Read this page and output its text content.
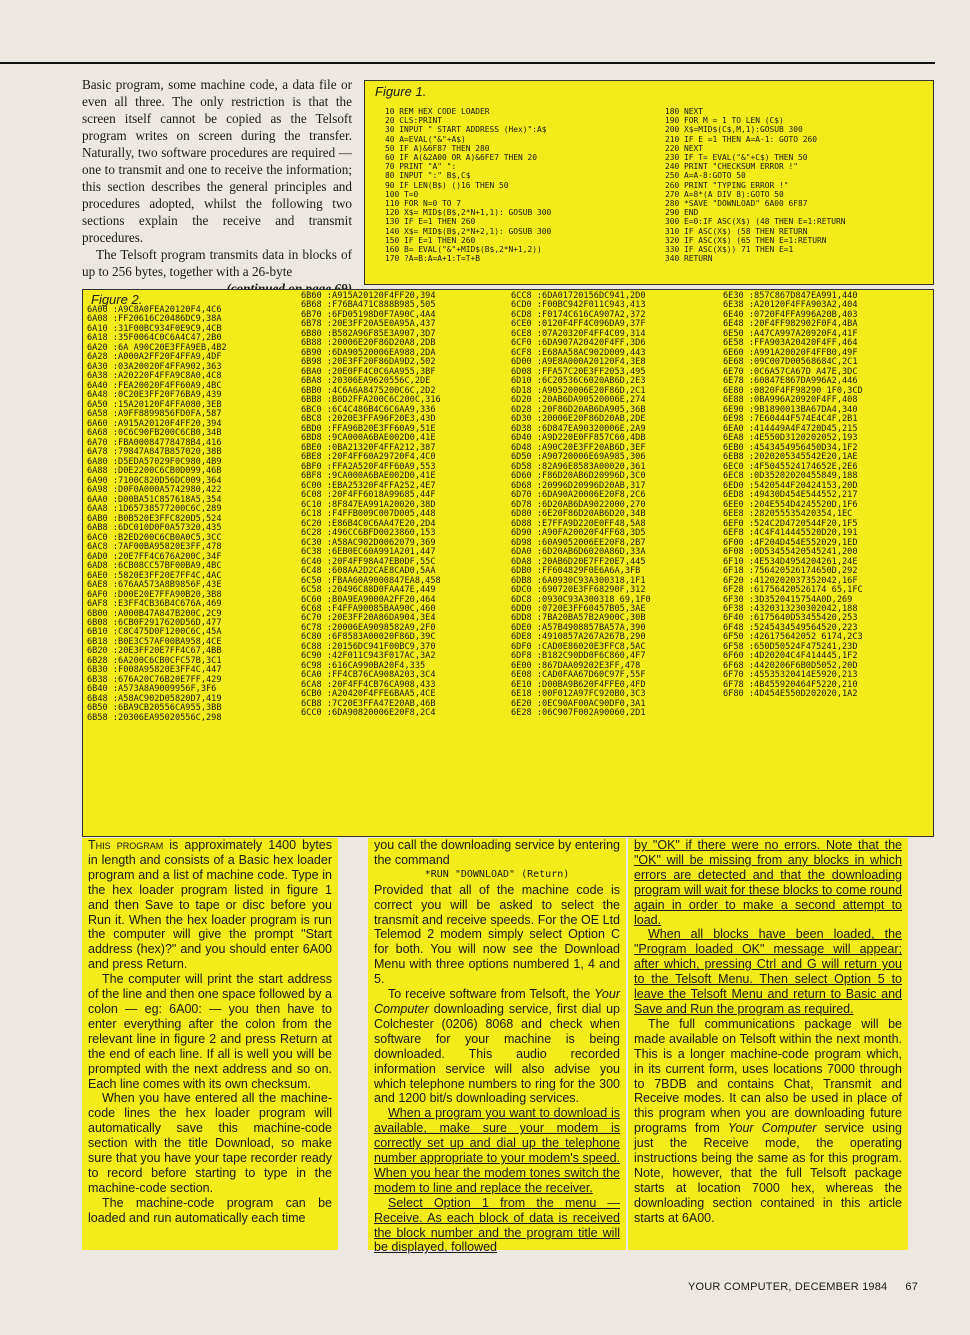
Basic program, some machine code, a data file or even all three. The only restriction is that the screen itself cannot be copied as the Telsoft program writes on screen during the transfer. Naturally, two software procedures are required — one to transmit and one to receive the information; this section describes the general principles and procedures adopted, whilst the following two sections explain the receive and transmit procedures.

The Telsoft program transmits data in blocks of up to 256 bytes, together with a 26-byte

Figure 1.
10 REM HEX CODE LOADER
20 CLS:PRINT
30 INPUT " START ADDRESS (Hex)":A$
40 A=EVAL("&"+A$)
50 IF A)&6F87 THEN 280
60 IF A(&2A00 OR A)&6FE7 THEN 20
70 PRINT "A" ":
80 INPUT ":" B$,C$
90 IF LEN(B$) ()16 THEN 50
100 T=0
110 FOR N=0 TO 7
120 X$= MID$(B$,2*N+1,1): GOSUB 300
130 IF E=1 THEN 260
140 X$= MID$(B$,2*N+2,1): GOSUB 300
150 IF E=1 THEN 260
160 B= EVAL("&"+MID$(B$,2*N+1,2))
170 ?A=B:A=A+1:T=T+B
180 NEXT
190 FOR M = 1 TO LEN (C$)
200 X$=MID$(C$,M,1):GOSUB 300
210 IF E =1 THEN A=A-1: GOTO 260
220 NEXT
230 IF T= EVAL("&"+C$) THEN 50
240 PRINT "CHECKSUM ERROR !"
250 A=A-8:GOTO 50
260 PRINT "TYPING ERROR !"
270 A=8*(A DIV 8):GOTO 50
280 *SAVE "DOWNLOAD" 6A00 6F87
290 END
300 E=0:IF ASC(X$) (48 THEN E=1:RETURN
310 IF ASC(X$) (58 THEN RETURN
320 IF ASC(X$) (65 THEN E=1:RETURN
330 IF ASC(X$)) 71 THEN E=1
340 RETURN
Figure 2.
6A00 :A9C8A0FEA20120F4,4C6
6A08 :FF20616C20486DC9,38A
6A10 :31F00BC934F0E9C9,4CB
6A18 :35F0064C0C6A4C47,2B0
6A20 :6A A90C20E3FFA9EB,4B2
6A28 :A000A2FF20F4FFA9,4DF
6A30 :03A20020F4FFA902,363
6A38 :A20220F4FFA9C8A0,4C8
6A40 :FEA20020F4FF60A9,4BC
6A48 :0C20E3FF20F76BA9,439
6A50 :15A20120F4FFA080,3EB
6A58 :A9FF8899856FD0FA,587
6A60 :A915A20120F4FF20,394
6A68 :0C6C90FB200C6CB0,34B
6A70 :FBA00084778478B4,416
6A78 :79847A847B857020,38B
6A80 :D5EDA57029F0C980,4B9
6A88 :D0E2200C6CB0D099,46B
6A90 :7100C820D56DC009,364
6A98 :D0F0A000A5742980,422
6AA0 :D00BA51C857618A5,354
6AA8 :1D65738577200C6C,289
6AB0 :B0B520E3FFC820D5,524
6AB8 :6DC010D0F0A57320,435
6AC0 :B2ED200C6CB0A0C5,3CC
6AC8 :7AF00BA95820E3FF,478
6AD0 :20E7FF4C676A200C,34F
6AD8 :6CB08CC57BF00BA9,4BC
6AE0 :5820E3FF20E7FF4C,4AC
6AE8 :676AA573A8B9856F,43E
6AF0 :D00E20E7FFA90B20,3B8
6AF8 :E3FF4CB36B4C676A,469
6B00 :A000B47A847B200C,2C9
6B08 :6CB0F2917620D56D,477
6B10 :C8C475D0F1200C6C,45A
6B18 :B0E3C57AF00BA958,4CE
6B20 :20E3FF20E7FF4C67,4BB
6B28 :6A200C6CB0CFC57B,3C1
6B30 :F008A95820E3FF4C,447
6B38 :676A20C76B20E7FF,429
6B40 :A573A8A9009956F,3F6
6B48 :A58AC902D05820D7,419
6B50 :6BA9CB20556CA955,3BB
6B58 :20306EA95020556C,298
6B60 :A915A20120F4FF20,394
6B68 :F76BA471C888B985,505
6B70 :6FD05198D0F7A90C,4A4
6B78 :20E3FF20A5E0A95A,437
6B80 :B582A96F85E3A907,3D7
6B88 :20006E20F86D20A8,2DB
6B90 :6DA90520006EA988,2DA
6B98 :20E3FF20F86DA9D2,502
6BA0 :20E0FF4C0C6AA955,3BF
6BA8 :20306EA9620556C,2DE
6BB0 :4C6A6A8475200C6C,2D2
6BB8 :B0D2FFA200C6C200C,316
6BC0 :6C4C486B4C6C6AA9,336
6BC8 :2020E3FFA96F20E3,43D
6BD0 :FFA96B20E3FF60A9,51E
6BD8 :9CA000A6BAE002D0,41E
6BE0 :0BA21320F4FFA212,387
6BE8 :20F4FF60A29720F4,4C0
6BF0 :FFA2A520F4FF60A9,553
6BF8 :9CA000A6BAE002D0,41E
6C00 :EBA25320F4FFA252,4E7
6C08 :20F4FF6018A99685,44F
6C10 :8F847EA991A20020,38D
6C18 :F4FFB009C007D005,448
6C20 :E86B4C0C6AA47E20,2D4
6C28 :496CC6BFD0023860,153
6C30 :A58AC902D0062079,369
6C38 :6EB0EC60A991A201,447
6C40 :20F4FF98A47EB0DF,55C
6C48 :608AA2D2CAE8CAD0,5AA
6C50 :FBAA60A9000847EA8,458
6C58 :20496C88D0FAA47E,449
6C60 :B0A9EA9000A2FF20,464
6C68 :F4FFA90085BAA90C,460
6C70 :20E3FF20A86DA904,3E4
6C78 :20006EA9098582A9,2F0
6C80 :6F8583A00020F86D,39C
6C88 :20156DC941F00BC9,370
6C90 :42F011C943F017AC,3A2
6C98 :616CA990BA20F4,335
6CA0 :FF4CB76CA908A203,3C4
6CA8 :20F4FF4CB76CA908,433
6CB0 :A20420F4FFE6BAA5,4CE
6CB8 :7C20E3FFA47E20AB,46B
6CC0 :6DA90820006E20F8,2C4
6CC8 :6DA01720156DC941,2D0
6CD0 :F00BC942F011C943,413
6CD8 :F0174C616CA907A2,372
6CE0 :0120F4FF4C096DA9,37F
6CE8 :07A20320F4FF4C09,314
6CF0 :6DA907A20420F4FF,3D6
6CF8 :E68AA58AC902D009,443
6D00 :A9E8A000A20120F4,3E8
6D08 :FFA57C20E3FF2053,495
6D10 :6C20536C6020AB6D,2E3
6D18 :A90520006E20F86D,2C1
6D20 :20AB6DA90520006E,274
6D28 :20F86D20AB6DA905,36B
6D30 :20006E20F86D20AB,2DE
6D38 :6D847EA90320006E,2A9
6D40 :A9D220E0FF857C60,4DB
6D48 :A90C20E3FF20AB6D,3EF
6D50 :A90720006E69A985,306
6D58 :82A96E8583A00020,361
6D60 :F86D20AB6D20996D,3C0
6D68 :20996D20996D20AB,317
6D70 :6DA90A20006E20F8,2C6
6D78 :6D20AB6DA9022000,270
6D80 :6E20F86D20AB6D20,34B
6D88 :E7FFA9D220E0FF48,5A8
6D90 :A90FA20020F4FF68,3D5
6D98 :60A9052006EE20F8,2B7
6DA0 :6D20AB6D6020A86D,33A
6DA8 :20AB6D20E7FF20E7,445
6DB0 :FF604829F0E6A6A,3FB
6DB8 :6A0930C93A300318,1F1
6DC0 :690720E3FF68290F,312
6DC8 :0930C93A300318 69,1F0
6DD0 :0720E3FF60457B05,3AE
6DD8 :7BA20BA57B2A900C,30B
6DE0 :A57B4908857BA57A,390
6DE8 :4910857A267A267B,290
6DF0 :CAD0E86020E3FFC8,5AC
6DF8 :B182C90DD0F6C860,4F7
6E00 :867DAA09202E3FF,478
6E08 :CAD0FAA67D60C97F,55F
6E10 :D00BA9B620F4FFE0,4FD
6E18 :00F012A97FC920B0,3C3
6E20 :0EC90AF00AC90DF0,3A1
6E28 :06C907F002A90060,2D1
6E30 :857C867D847EA991,440
6E38 :A20120F4FFA903A2,404
6E40 :0720F4FFA996A20B,403
6E48 :20F4FF982902F0F4,4BA
6E50 :A47CA997A20920F4,41F
6E58 :FFA903A20420F4FF,464
6E60 :A991A20020F4FFB0,49F
6E68 :09C007D00568684C,2C1
6E70 :0C6A57CA67D A47E,3DC
6E78 :60847E867DA996A2,446
6E80 :0820F4FF98290 1F0,3CD
6E88 :0BA996A20920F4FF,408
6E90 :9B1890013BA67DA4,340
6E98 :7E60444F574E4C4F,2B1
6EA0 :414449A4F4720D45,215
6EA8 :4E550D3120202052,193
6EB0 :4543454956450D34,1F2
6EB8 :2020205345542E20,1AE
6EC0 :4F5045524174652E,2E6
6EC8 :0D35202020455849,188
6ED0 :5420544F20424153,20D
6ED8 :49430D454E544552,217
6EE0 :204E554D4245520D,1F6
6EE8 :282055535420354,1EC
6EF0 :524C2D4720544F20,1F5
6EF8 :4C4F414445520D20,191
6F00 :4F204D454E552029,1ED
6F08 :0D53455420545241,200
6F10 :4E534D4954204261,24E
6F18 :756420526174650D,292
6F20 :4120202037352042,16F
6F28 :61756420526174 65,1FC
6F30 :3D3520415754A0D,269
6F38 :4320313230302042,188
6F40 :6175640D53455420,253
6F48 :5245434549564520,223
6F50 :426175642052 6174,2C3
6F58 :650D50524F475241,23D
6F60 :4D20204C4F414445,1F2
6F68 :4420206F6B0D5052,20D
6F70 :45535320414E5920,213
6F78 :4B455920464F5220,210
6F80 :4D454E550D202020,1A2

This program is approximately 1400 bytes in length and consists of a Basic hex loader program and a list of machine code. Type in the hex loader program listed in figure 1 and then Save to tape or disc before you Run it. When the hex loader program is run the computer will give the prompt "Start address (hex)?" and you should enter 6A00 and press Return.

The computer will print the start address of the line and then one space followed by a colon — eg: 6A00: — you then have to enter everything after the colon from the relevant line in figure 2 and press Return at the end of each line. If all is well you will be prompted with the next address and so on. Each line comes with its own checksum.

When you have entered all the machine-code lines the hex loader program will automatically save this machine-code section with the title Download, so make sure that you have your tape recorder ready to record before starting to type in the machine-code section.

The machine-code program can be loaded and run automatically each time

you call the downloading service by entering the command

*RUN "DOWNLOAD" (Return)

Provided that all of the machine code is correct you will be asked to select the transmit and receive speeds. For the OE Ltd Telemod 2 modem simply select Option C for both. You will now see the Download Menu with three options numbered 1, 4 and 5.

To receive software from Telsoft, the Your Computer downloading service, first dial up Colchester (0206) 8068 and check when software for your machine is being downloaded. This audio recorded information service will also advise you which telephone numbers to ring for the 300 and 1200 bit/s downloading services.

When a program you want to download is available, make sure your modem is correctly set up and dial up the telephone number appropriate to your modem's speed. When you hear the modem tones switch the modem to line and replace the receiver.

Select Option 1 from the menu — Receive. As each block of data is received the block number and the program title will be displayed, followed

by "OK" if there were no errors. Note that the "OK" will be missing from any blocks in which errors are detected and that the downloading program will wait for these blocks to come round again in order to make a second attempt to load.

When all blocks have been loaded, the "Program loaded OK" message will appear; after which, pressing Ctrl and G will return you to the Telsoft Menu. Then select Option 5 to leave the Telsoft Menu and return to Basic and Save and Run the program as required.

The full communications package will be made available on Telsoft within the next month. This is a longer machine-code program which, in its current form, uses locations 7000 through to 7BDB and contains Chat, Transmit and Receive modes. It can also be used in place of this program when you are downloading future programs from Your Computer service using just the Receive mode, the operating instructions being the same as for this program. Note, however, that the full Telsoft package starts at location 7000 hex, whereas the downloading section contained in this article starts at 6A00.

YOUR COMPUTER, DECEMBER 1984 67
